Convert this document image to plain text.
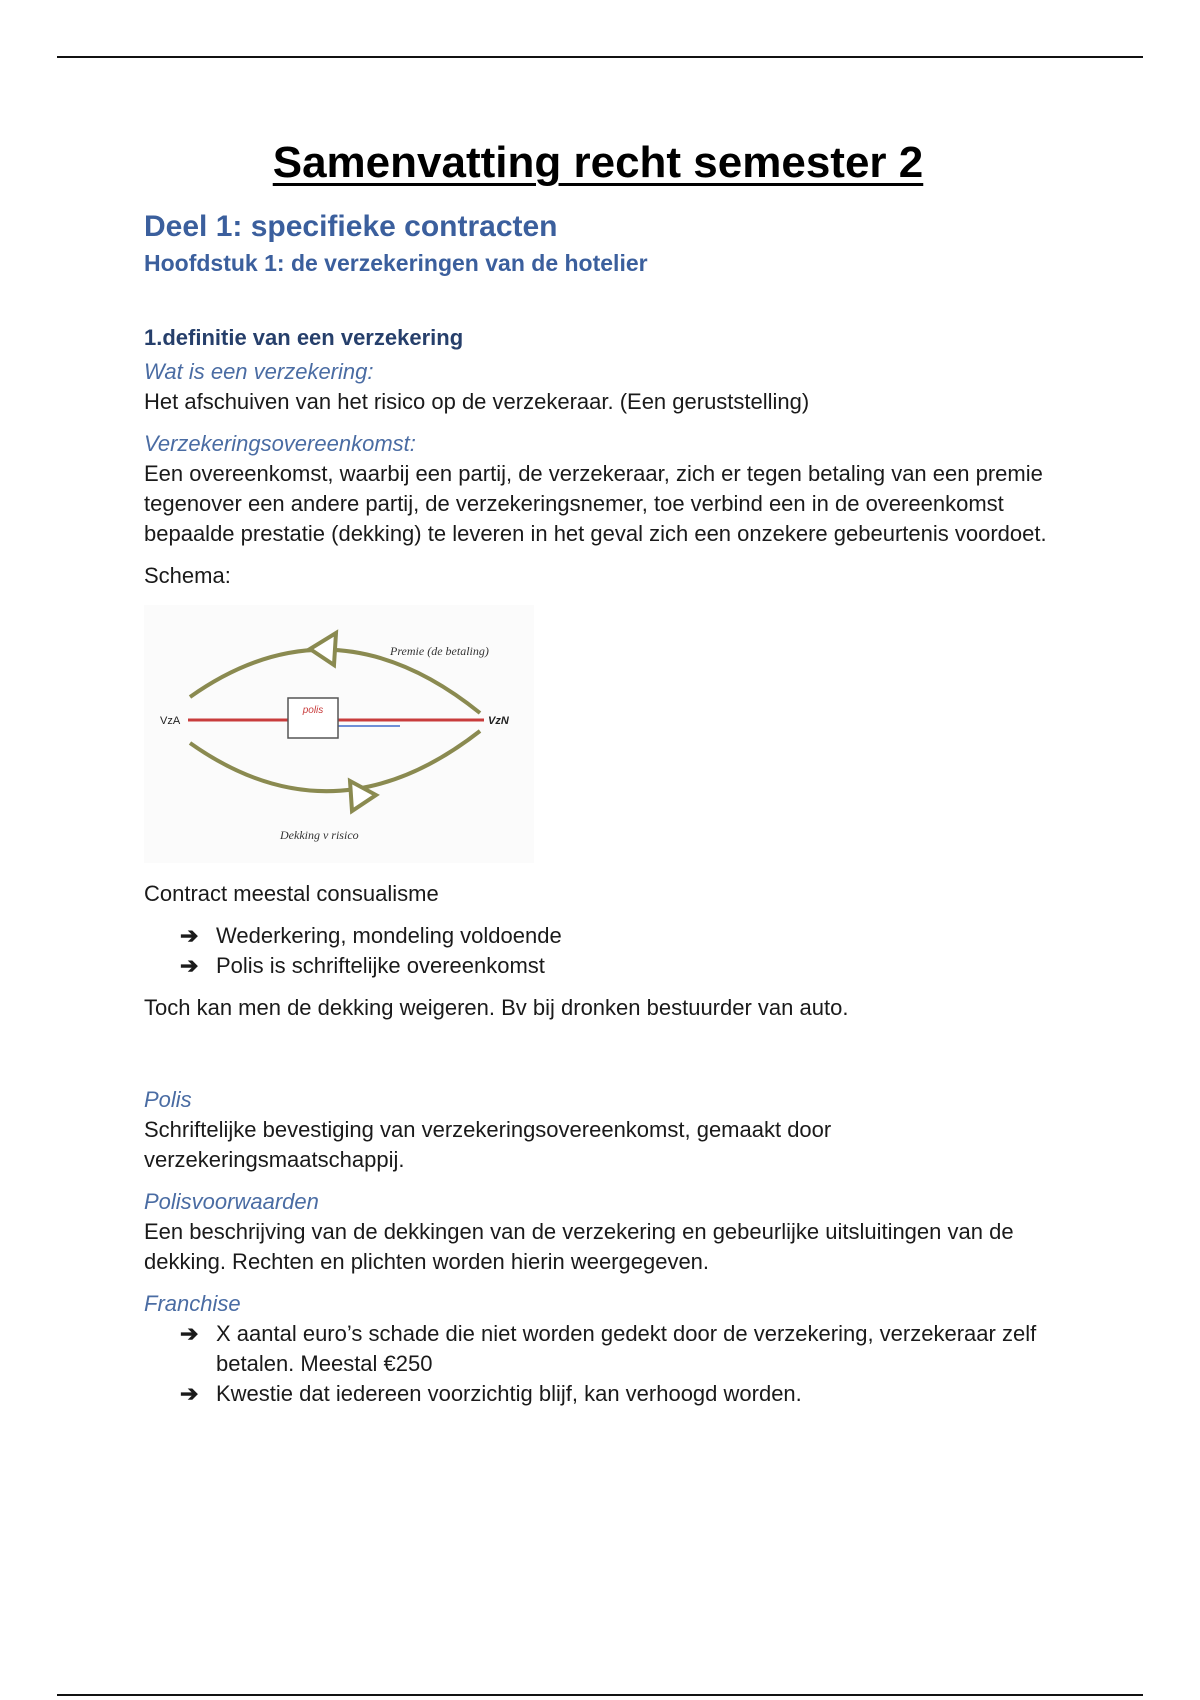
Samenvatting recht semester 2
Deel 1: specifieke contracten
Hoofdstuk 1: de verzekeringen van de hotelier
1.definitie van een verzekering
Wat is een verzekering:

Het afschuiven van het risico op de verzekeraar. (Een geruststelling)

Verzekeringsovereenkomst:

Een overeenkomst, waarbij een partij, de verzekeraar, zich er tegen betaling van een premie tegenover een andere partij, de verzekeringsnemer, toe verbind een in de overeenkomst bepaalde prestatie (dekking) te leveren in het geval zich een onzekere gebeurtenis voordoet.

Schema:

polis
VzA	VzN
Premie (de betaling)
Dekking v risico

Contract meestal consualisme

➔ Wederkering, mondeling voldoende
➔ Polis is schriftelijke overeenkomst

Toch kan men de dekking weigeren. Bv bij dronken bestuurder van auto.

Polis

Schriftelijke bevestiging van verzekeringsovereenkomst, gemaakt door verzekeringsmaatschappij.

Polisvoorwaarden

Een beschrijving van de dekkingen van de verzekering en gebeurlijke uitsluitingen van de dekking. Rechten en plichten worden hierin weergegeven.

Franchise
➔ X aantal euro’s schade die niet worden gedekt door de verzekering, verzekeraar zelf betalen. Meestal €250
➔ Kwestie dat iedereen voorzichtig blijf, kan verhoogd worden.
